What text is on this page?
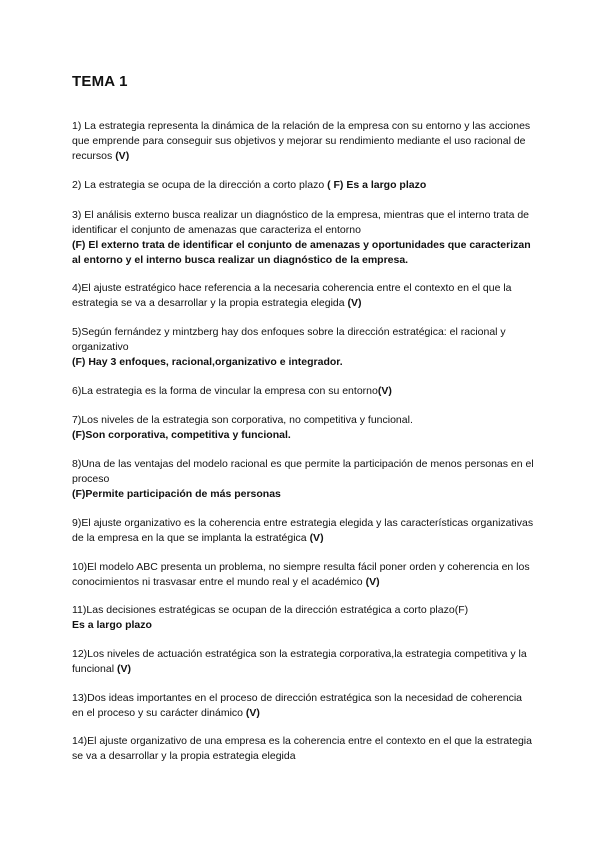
TEMA 1
1) La estrategia representa la dinámica de la relación de la empresa con su entorno y las acciones que emprende para conseguir sus objetivos y mejorar su rendimiento mediante el uso racional de recursos (V)
2) La estrategia se ocupa de la dirección a corto plazo ( F) Es a largo plazo
3) El análisis externo busca realizar un diagnóstico de la empresa, mientras que el interno trata de identificar el conjunto de amenazas que caracteriza el entorno
(F) El externo trata de identificar el conjunto de amenazas y oportunidades que caracterizan al entorno y el interno busca realizar un diagnóstico de la empresa.
4)El ajuste estratégico hace referencia a la necesaria coherencia entre el contexto en el que la estrategia se va a desarrollar y la propia estrategia elegida (V)
5)Según fernández y mintzberg hay dos enfoques sobre la dirección estratégica: el racional y organizativo
(F) Hay 3 enfoques, racional,organizativo e integrador.
6)La estrategia es la forma de vincular la empresa con su entorno(V)
7)Los niveles de la estrategia son corporativa, no competitiva y funcional.
(F)Son corporativa, competitiva y funcional.
8)Una de las ventajas del modelo racional es que permite la participación de menos personas en el proceso
(F)Permite participación de más personas
9)El ajuste organizativo es la coherencia entre estrategia elegida y las características organizativas de la empresa en la que se implanta la estratégica (V)
10)El modelo ABC presenta un problema, no siempre resulta fácil poner orden y coherencia en los conocimientos ni trasvasar entre el mundo real y el académico (V)
11)Las decisiones estratégicas se ocupan de la dirección estratégica a corto plazo(F)
Es a largo plazo
12)Los niveles de actuación estratégica son la estrategia corporativa,la estrategia competitiva y la funcional (V)
13)Dos ideas importantes en el proceso de dirección estratégica son la necesidad de coherencia en el proceso y su carácter dinámico (V)
14)El ajuste organizativo de una empresa es la coherencia entre el contexto en el que la estrategia se va a desarrollar y la propia estrategia elegida
